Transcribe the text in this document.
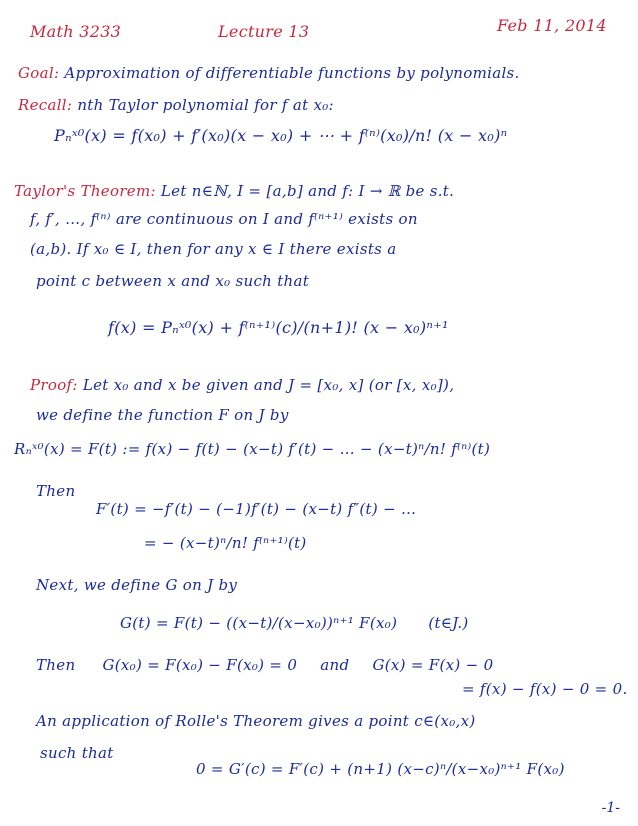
Math 3233	Lecture 13	Feb 11, 2014
Goal: Approximation of differentiable functions by polynomials.
Recall: nth Taylor polynomial for f at x₀:
Pₙˣ⁰(x) = f(x₀) + f′(x₀)(x − x₀) + ⋯ + f⁽ⁿ⁾(x₀)/n! (x − x₀)ⁿ
Taylor's Theorem: Let n∈ℕ, I = [a,b] and f: I → ℝ be s.t.
f, f′, …, f⁽ⁿ⁾ are continuous on I and f⁽ⁿ⁺¹⁾ exists on
(a,b). If x₀ ∈ I, then for any x ∈ I there exists a
point c between x and x₀ such that
f(x) = Pₙˣ⁰(x) + f⁽ⁿ⁺¹⁾(c)/(n+1)! (x − x₀)ⁿ⁺¹
Proof: Let x₀ and x be given and J = [x₀, x] (or [x, x₀]),
we define the function F on J by
Rₙˣ⁰(x) = F(t) := f(x) − f(t) − (x−t) f′(t) − … − (x−t)ⁿ/n! f⁽ⁿ⁾(t)
Then
F′(t) = −f′(t) − (−1)f′(t) − (x−t) f″(t) − …
= − (x−t)ⁿ/n! f⁽ⁿ⁺¹⁾(t)
Next, we define G on J by
G(t) = F(t) − ((x−t)/(x−x₀))ⁿ⁺¹ F(x₀) (t∈J.)
Then G(x₀) = F(x₀) − F(x₀) = 0 and G(x) = F(x) − 0
= f(x) − f(x) − 0 = 0.
An application of Rolle's Theorem gives a point c∈(x₀,x)
such that
0 = G′(c) = F′(c) + (n+1) (x−c)ⁿ/(x−x₀)ⁿ⁺¹ F(x₀)
-1-
